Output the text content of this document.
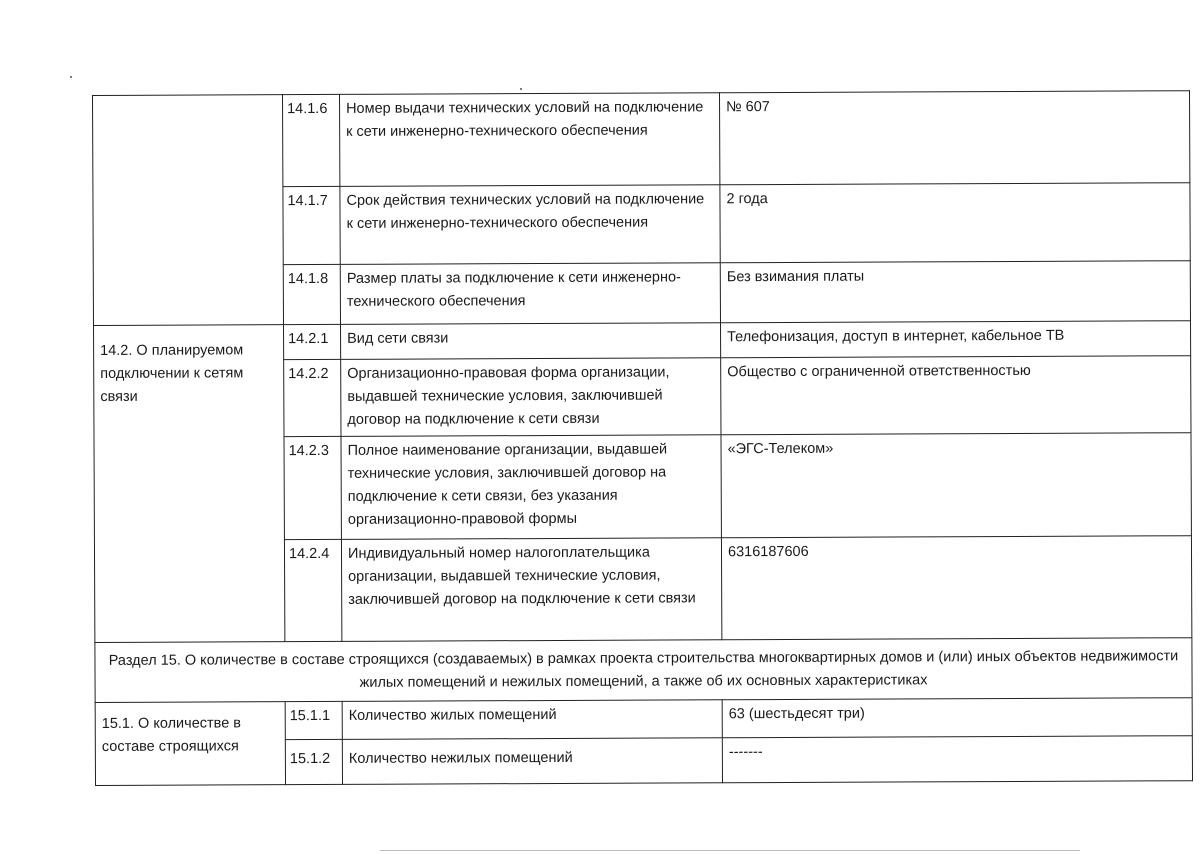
	14.1.6	Номер выдачи технических условий на подключение к сети инженерно-технического обеспечения	№ 607
	14.1.7	Срок действия технических условий на подключение к сети инженерно-технического обеспечения	2 года
	14.1.8	Размер платы за подключение к сети инженерно-технического обеспечения	Без взимания платы
14.2. О планируемом подключении к сетям связи	14.2.1	Вид сети связи	Телефонизация, доступ в интернет, кабельное ТВ
	14.2.2	Организационно-правовая форма организации, выдавшей технические условия, заключившей договор на подключение к сети связи	Общество с ограниченной ответственностью
	14.2.3	Полное наименование организации, выдавшей технические условия, заключившей договор на подключение к сети связи, без указания организационно-правовой формы	«ЭГС-Телеком»
	14.2.4	Индивидуальный номер налогоплательщика организации, выдавшей технические условия, заключившей договор на подключение к сети связи	6316187606
Раздел 15. О количестве в составе строящихся (создаваемых) в рамках проекта строительства многоквартирных домов и (или) иных объектов недвижимости жилых помещений и нежилых помещений, а также об их основных характеристиках			
15.1. О количестве в составе строящихся	15.1.1	Количество жилых помещений	63 (шестьдесят три)
	15.1.2	Количество нежилых помещений	-------
